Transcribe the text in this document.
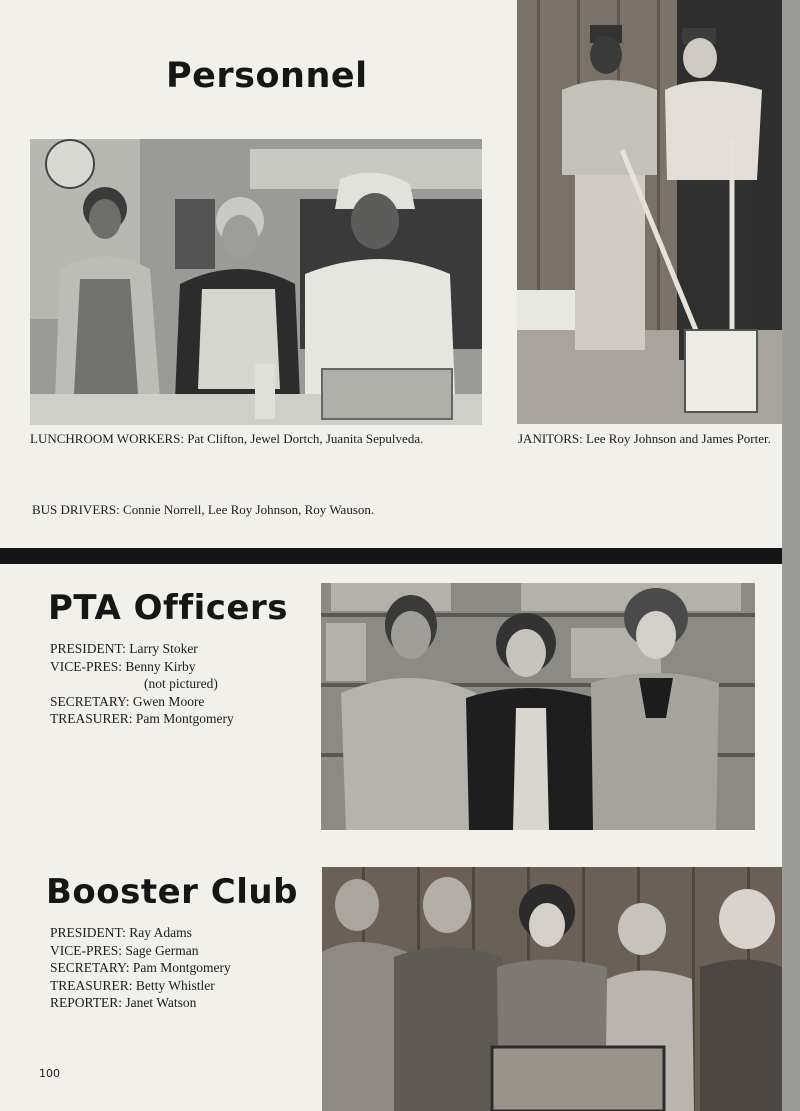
Personnel
LUNCHROOM WORKERS: Pat Clifton, Jewel Dortch, Juanita Sepulveda.	JANITORS: Lee Roy Johnson and James Porter.
BUS DRIVERS: Connie Norrell, Lee Roy Johnson, Roy Wauson.
PTA Officers
PRESIDENT: Larry Stoker
VICE-PRES: Benny Kirby
(not pictured)
SECRETARY: Gwen Moore
TREASURER: Pam Montgomery
Booster Club
PRESIDENT: Ray Adams
VICE-PRES: Sage German
SECRETARY: Pam Montgomery
TREASURER: Betty Whistler
REPORTER: Janet Watson
100
